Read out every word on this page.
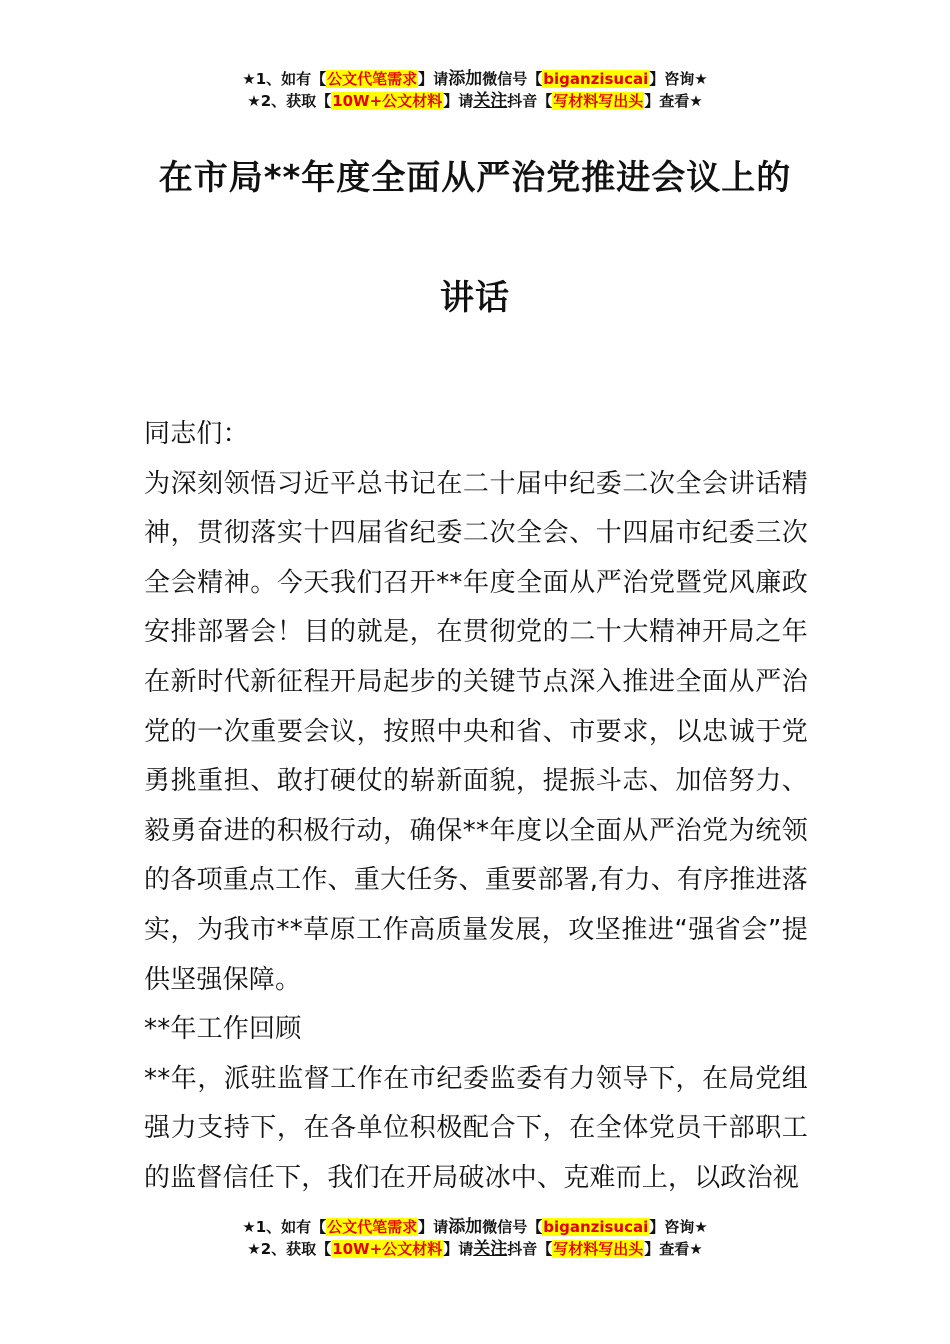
★1、如有【公文代笔需求】请添加微信号【biganzisucai】咨询★
★2、获取【10W+公文材料】请关注抖音【写材料写出头】查看★
在市局**年度全面从严治党推进会议上的
讲话

同志们：

为深刻领悟习近平总书记在二十届中纪委二次全会讲话精神，贯彻落实十四届省纪委二次全会、十四届市纪委三次全会精神。今天我们召开**年度全面从严治党暨党风廉政安排部署会！目的就是，在贯彻党的二十大精神开局之年在新时代新征程开局起步的关键节点深入推进全面从严治党的一次重要会议，按照中央和省、市要求，以忠诚于党勇挑重担、敢打硬仗的崭新面貌，提振斗志、加倍努力、毅勇奋进的积极行动，确保**年度以全面从严治党为统领的各项重点工作、重大任务、重要部署,有力、有序推进落实，为我市**草原工作高质量发展，攻坚推进“强省会”提供坚强保障。

**年工作回顾

**年，派驻监督工作在市纪委监委有力领导下，在局党组强力支持下，在各单位积极配合下，在全体党员干部职工的监督信任下，我们在开局破冰中、克难而上，以政治视

★1、如有【公文代笔需求】请添加微信号【biganzisucai】咨询★
★2、获取【10W+公文材料】请关注抖音【写材料写出头】查看★
